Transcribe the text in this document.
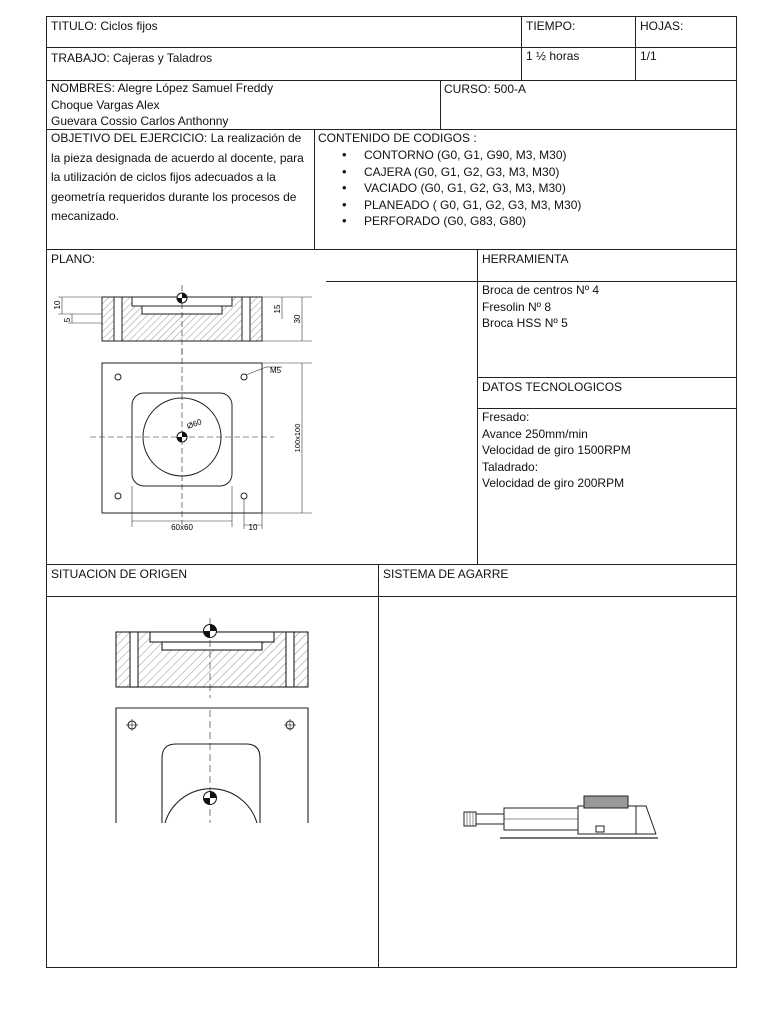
TITULO: Ciclos fijos	TIEMPO:	HOJAS:
TRABAJO: Cajeras y Taladros	1 ½ horas	1/1
NOMBRES: Alegre López Samuel Freddy
Choque Vargas Alex
Guevara Cossio Carlos Anthonny
CURSO: 500-A
OBJETIVO DEL EJERCICIO: La realización de la pieza designada de acuerdo al docente, para la utilización de ciclos fijos adecuados a la geometría requeridos durante los procesos de mecanizado.
CONTENIDO DE CODIGOS :
• CONTORNO (G0, G1, G90, M3, M30)
• CAJERA (G0, G1, G2, G3, M3, M30)
• VACIADO (G0, G1, G2, G3, M3, M30)
• PLANEADO ( G0, G1, G2, G3, M3, M30)
• PERFORADO (G0, G83, G80)
PLANO:
10
5
15
30
M5
Ø60	100x100
60x60	10
HERRAMIENTA
Broca de centros Nº 4
Fresolin Nº 8
Broca HSS Nº 5
DATOS TECNOLOGICOS
Fresado:
Avance 250mm/min
Velocidad de giro 1500RPM
Taladrado:
Velocidad de giro 200RPM
SITUACION DE ORIGEN	SISTEMA DE AGARRE
